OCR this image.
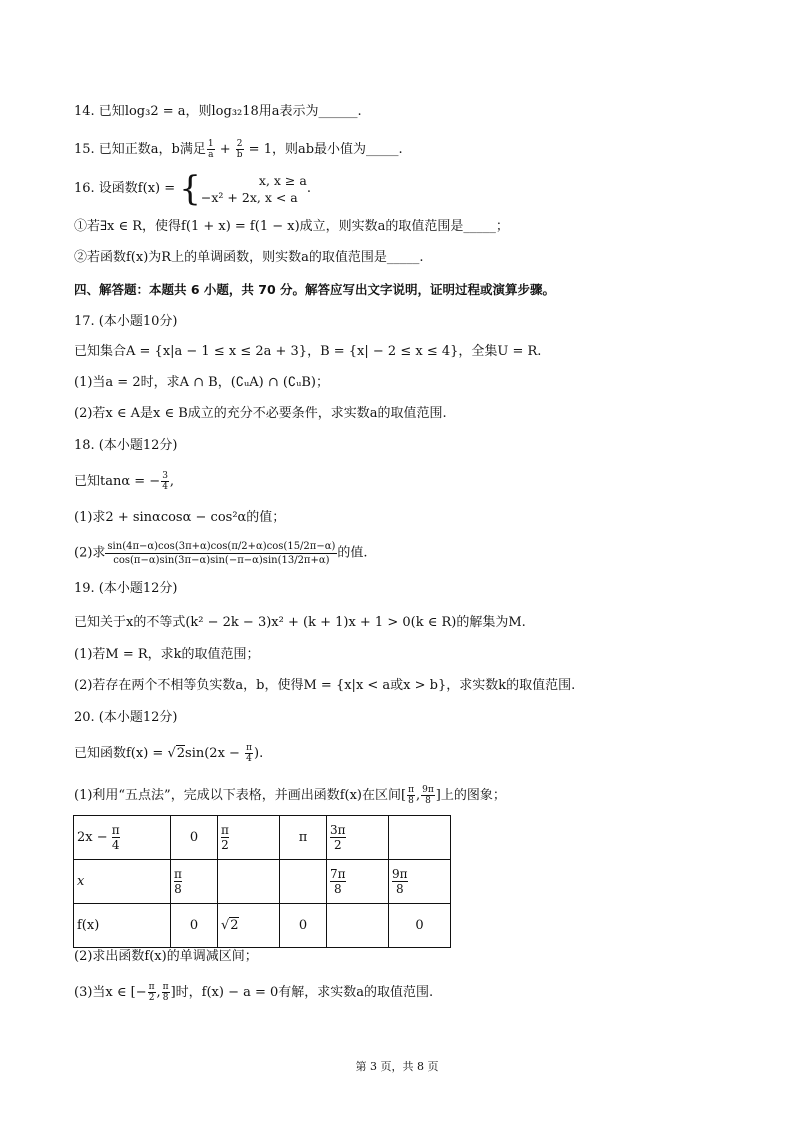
14. 已知log₃2 = a，则log₃₂18用a表示为______.
15. 已知正数a，b满足 $\frac{1}{a} + \frac{2}{b} = 1$，则ab最小值为_____.
16. 设函数f(x) = {	x, x ≥ a
−x² + 2x, x < a
.
①若∃x ∈ R，使得f(1 + x) = f(1 − x)成立，则实数a的取值范围是_____；
②若函数f(x)为R上的单调函数，则实数a的取值范围是_____.
四、解答题：本题共 6 小题，共 70 分。解答应写出文字说明，证明过程或演算步骤。
17. (本小题10分)
已知集合A = {x|a − 1 ≤ x ≤ 2a + 3}，B = {x| − 2 ≤ x ≤ 4}，全集U = R.
(1)当a = 2时，求A ∩ B，(∁ᵤA) ∩ (∁ᵤB)；
(2)若x ∈ A是x ∈ B成立的充分不必要条件，求实数a的取值范围.
18. (本小题12分)
已知tanα = − $\frac{3}{4}$ ,
(1)求2 + sinαcosα − cos²α的值；
(2)求 $\frac{\sin(4\pi-\alpha)\cos(3\pi+\alpha)\cos(\pi/2+\alpha)\cos(15/2\pi-\alpha)}{\cos(\pi-\alpha)\sin(3\pi-\alpha)\sin(-\pi-\alpha)\sin(13/2\pi+\alpha)}$ 的值.
19. (本小题12分)
已知关于x的不等式(k² − 2k − 3)x² + (k + 1)x + 1 > 0(k ∈ R)的解集为M.
(1)若M = R，求k的取值范围；
(2)若存在两个不相等负实数a，b，使得M = {x|x < a或x > b}，求实数k的取值范围.
20. (本小题12分)
已知函数$f(x) = √2\sin(2x - \frac{\pi}{4}$ ).
(1)利用“五点法”，完成以下表格，并画出函数f(x)在区间[ $\frac{\pi}{8}$ , $\frac{9\pi}{8}$ ]上的图象；
$2x - \frac{\pi}{4}$	0	$\frac{\pi}{2}$	π	$\frac{3\pi}{2}$

x	$\frac{\pi}{8}$			$\frac{7\pi}{8}$	$\frac{9\pi}{8}$

f(x)	0	√2	0		0
(2)求出函数f(x)的单调减区间；
(3)当x ∈ [− $\frac{\pi}{2}$ , $\frac{\pi}{8}$ ]时，f(x) − a = 0有解，求实数a的取值范围.
第 3 页，共 8 页
